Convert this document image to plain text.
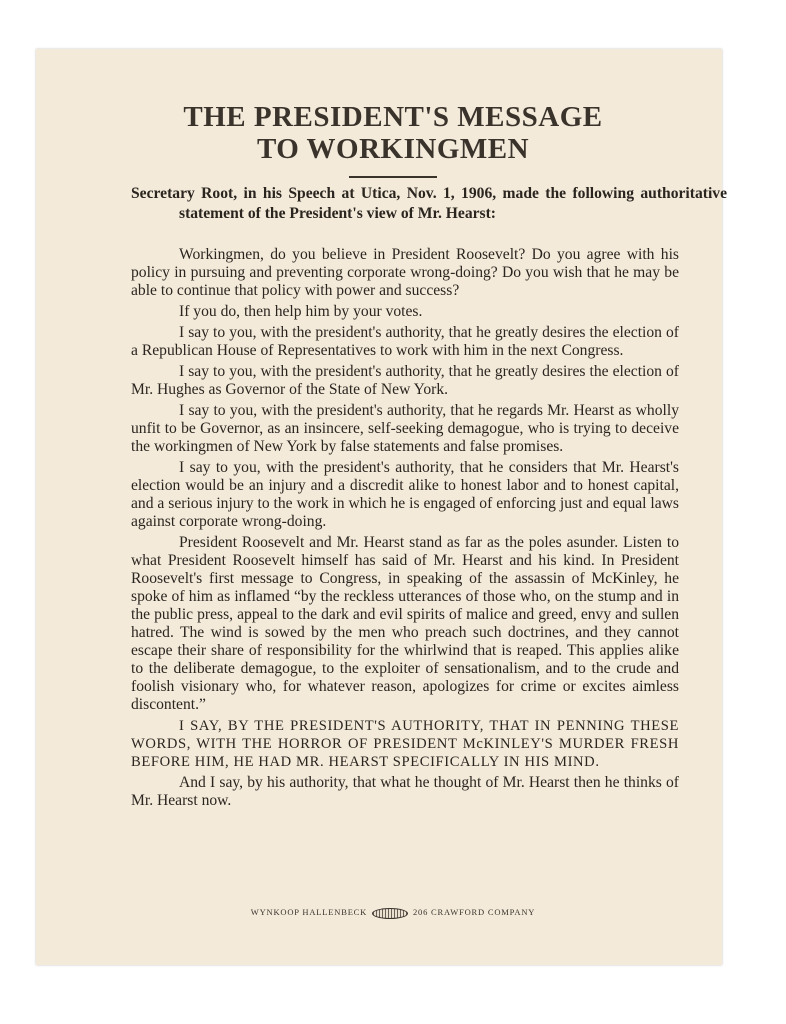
THE PRESIDENT'S MESSAGE
TO WORKINGMEN

Secretary Root, in his Speech at Utica, Nov. 1, 1906, made the following authoritative statement of the President's view of Mr. Hearst:

Workingmen, do you believe in President Roosevelt? Do you agree with his policy in pursuing and preventing corporate wrong-doing? Do you wish that he may be able to continue that policy with power and success?

If you do, then help him by your votes.

I say to you, with the president's authority, that he greatly desires the election of a Republican House of Representatives to work with him in the next Congress.

I say to you, with the president's authority, that he greatly desires the election of Mr. Hughes as Governor of the State of New York.

I say to you, with the president's authority, that he regards Mr. Hearst as wholly unfit to be Governor, as an insincere, self-seeking demagogue, who is trying to deceive the workingmen of New York by false statements and false promises.

I say to you, with the president's authority, that he considers that Mr. Hearst's election would be an injury and a discredit alike to honest labor and to honest capital, and a serious injury to the work in which he is engaged of enforcing just and equal laws against corporate wrong-doing.

President Roosevelt and Mr. Hearst stand as far as the poles asunder. Listen to what President Roosevelt himself has said of Mr. Hearst and his kind. In President Roosevelt's first message to Congress, in speaking of the assassin of McKinley, he spoke of him as inflamed “by the reckless utterances of those who, on the stump and in the public press, appeal to the dark and evil spirits of malice and greed, envy and sullen hatred. The wind is sowed by the men who preach such doctrines, and they cannot escape their share of responsibility for the whirlwind that is reaped. This applies alike to the deliberate demagogue, to the exploiter of sensationalism, and to the crude and foolish visionary who, for whatever reason, apologizes for crime or excites aimless discontent.”

I SAY, BY THE PRESIDENT'S AUTHORITY, THAT IN PENNING THESE WORDS, WITH THE HORROR OF PRESIDENT McKINLEY'S MURDER FRESH BEFORE HIM, HE HAD MR. HEARST SPECIFICALLY IN HIS MIND.

And I say, by his authority, that what he thought of Mr. Hearst then he thinks of Mr. Hearst now.

WYNKOOP HALLENBECK	206 CRAWFORD COMPANY
